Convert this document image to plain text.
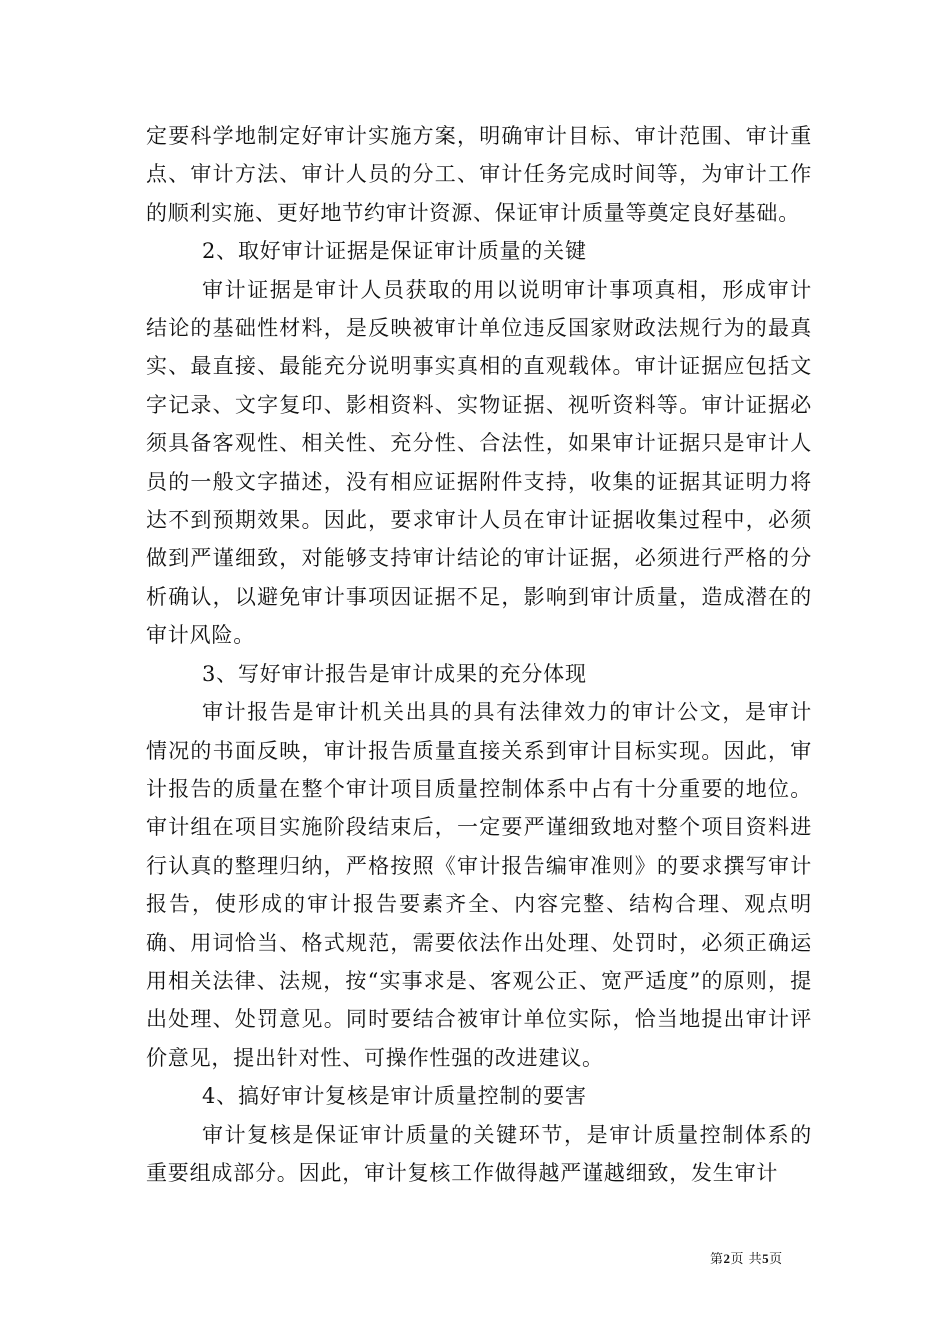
定要科学地制定好审计实施方案，明确审计目标、审计范围、审计重点、审计方法、审计人员的分工、审计任务完成时间等，为审计工作的顺利实施、更好地节约审计资源、保证审计质量等奠定良好基础。

2、取好审计证据是保证审计质量的关键

审计证据是审计人员获取的用以说明审计事项真相，形成审计结论的基础性材料，是反映被审计单位违反国家财政法规行为的最真实、最直接、最能充分说明事实真相的直观载体。审计证据应包括文字记录、文字复印、影相资料、实物证据、视听资料等。审计证据必须具备客观性、相关性、充分性、合法性，如果审计证据只是审计人员的一般文字描述，没有相应证据附件支持，收集的证据其证明力将达不到预期效果。因此，要求审计人员在审计证据收集过程中，必须做到严谨细致，对能够支持审计结论的审计证据，必须进行严格的分析确认，以避免审计事项因证据不足，影响到审计质量，造成潜在的审计风险。

3、写好审计报告是审计成果的充分体现

审计报告是审计机关出具的具有法律效力的审计公文，是审计情况的书面反映，审计报告质量直接关系到审计目标实现。因此，审计报告的质量在整个审计项目质量控制体系中占有十分重要的地位。审计组在项目实施阶段结束后，一定要严谨细致地对整个项目资料进行认真的整理归纳，严格按照《审计报告编审准则》的要求撰写审计报告，使形成的审计报告要素齐全、内容完整、结构合理、观点明确、用词恰当、格式规范，需要依法作出处理、处罚时，必须正确运用相关法律、法规，按“实事求是、客观公正、宽严适度”的原则，提出处理、处罚意见。同时要结合被审计单位实际，恰当地提出审计评价意见，提出针对性、可操作性强的改进建议。

4、搞好审计复核是审计质量控制的要害

审计复核是保证审计质量的关键环节，是审计质量控制体系的重要组成部分。因此，审计复核工作做得越严谨越细致，发生审计

第2页 共5页
